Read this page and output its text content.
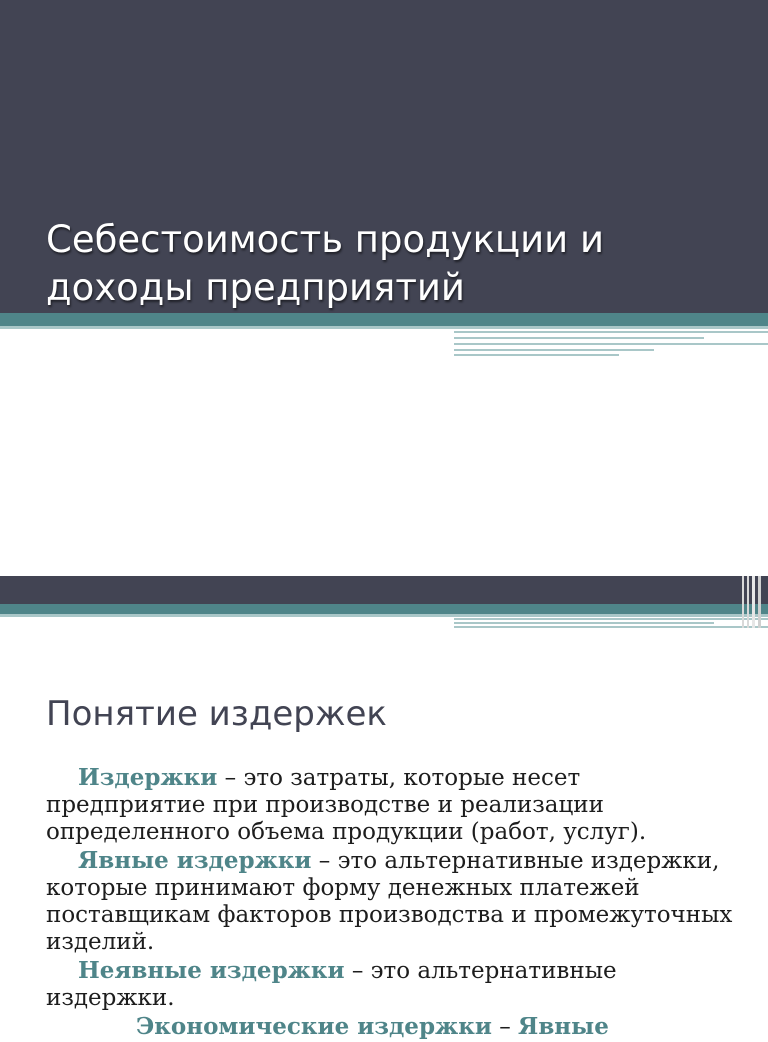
Себестоимость продукции и
доходы предприятий
Понятие издержек

Издержки – это затраты, которые несет предприятие при производстве и реализации определенного объема продукции (работ, услуг).

Явные издержки – это альтернативные издержки, которые принимают форму денежных платежей поставщикам факторов производства и промежуточных изделий.

Неявные издержки – это альтернативные издержки.

Экономические издержки – Явные
